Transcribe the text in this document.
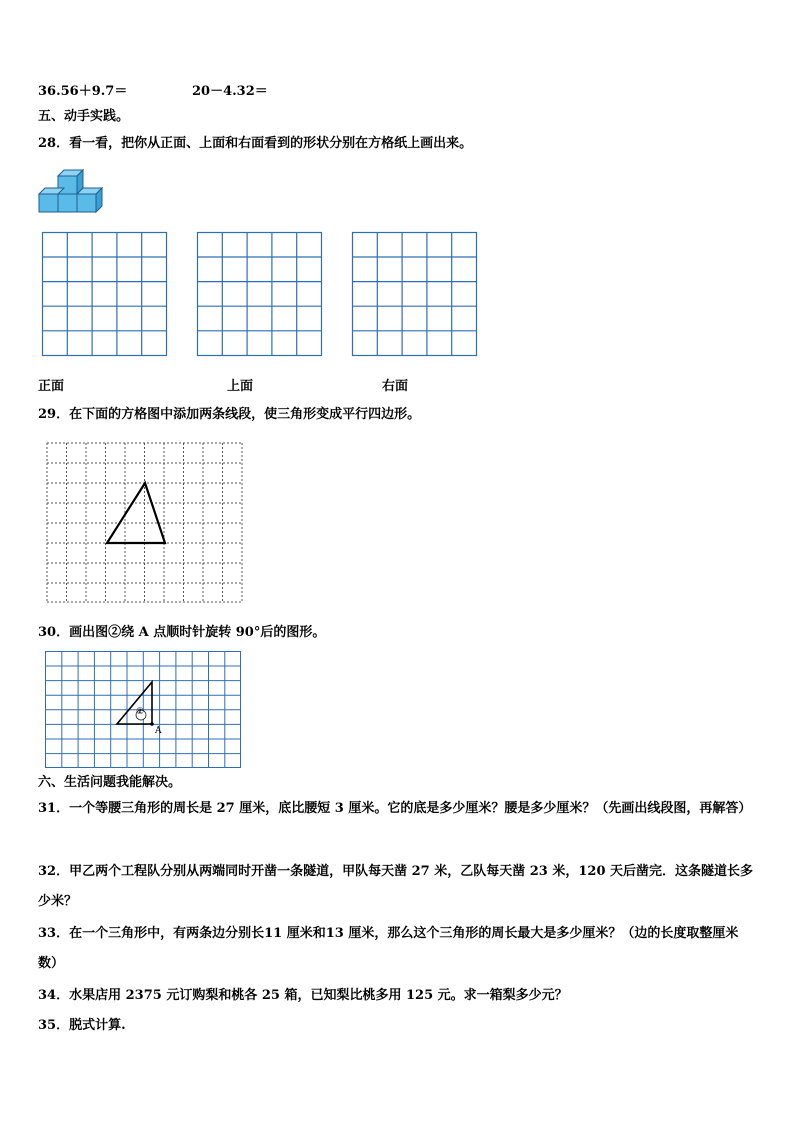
36.56＋9.7＝	20－4.32＝
五、动手实践。
28．看一看，把你从正面、上面和右面看到的形状分别在方格纸上画出来。
正面	上面	右面
29．在下面的方格图中添加两条线段，使三角形变成平行四边形。
30．画出图②绕 A 点顺时针旋转 90°后的图形。
②
A
六、生活问题我能解决。
31．一个等腰三角形的周长是 27 厘米，底比腰短 3 厘米。它的底是多少厘米？腰是多少厘米？（先画出线段图，再解答）
32．甲乙两个工程队分别从两端同时开凿一条隧道，甲队每天凿 27 米，乙队每天凿 23 米，120 天后凿完．这条隧道长多少米？
33．在一个三角形中，有两条边分别长11 厘米和13 厘米，那么这个三角形的周长最大是多少厘米？（边的长度取整厘米数）
34．水果店用 2375 元订购梨和桃各 25 箱，已知梨比桃多用 125 元。求一箱梨多少元？
35．脱式计算.
